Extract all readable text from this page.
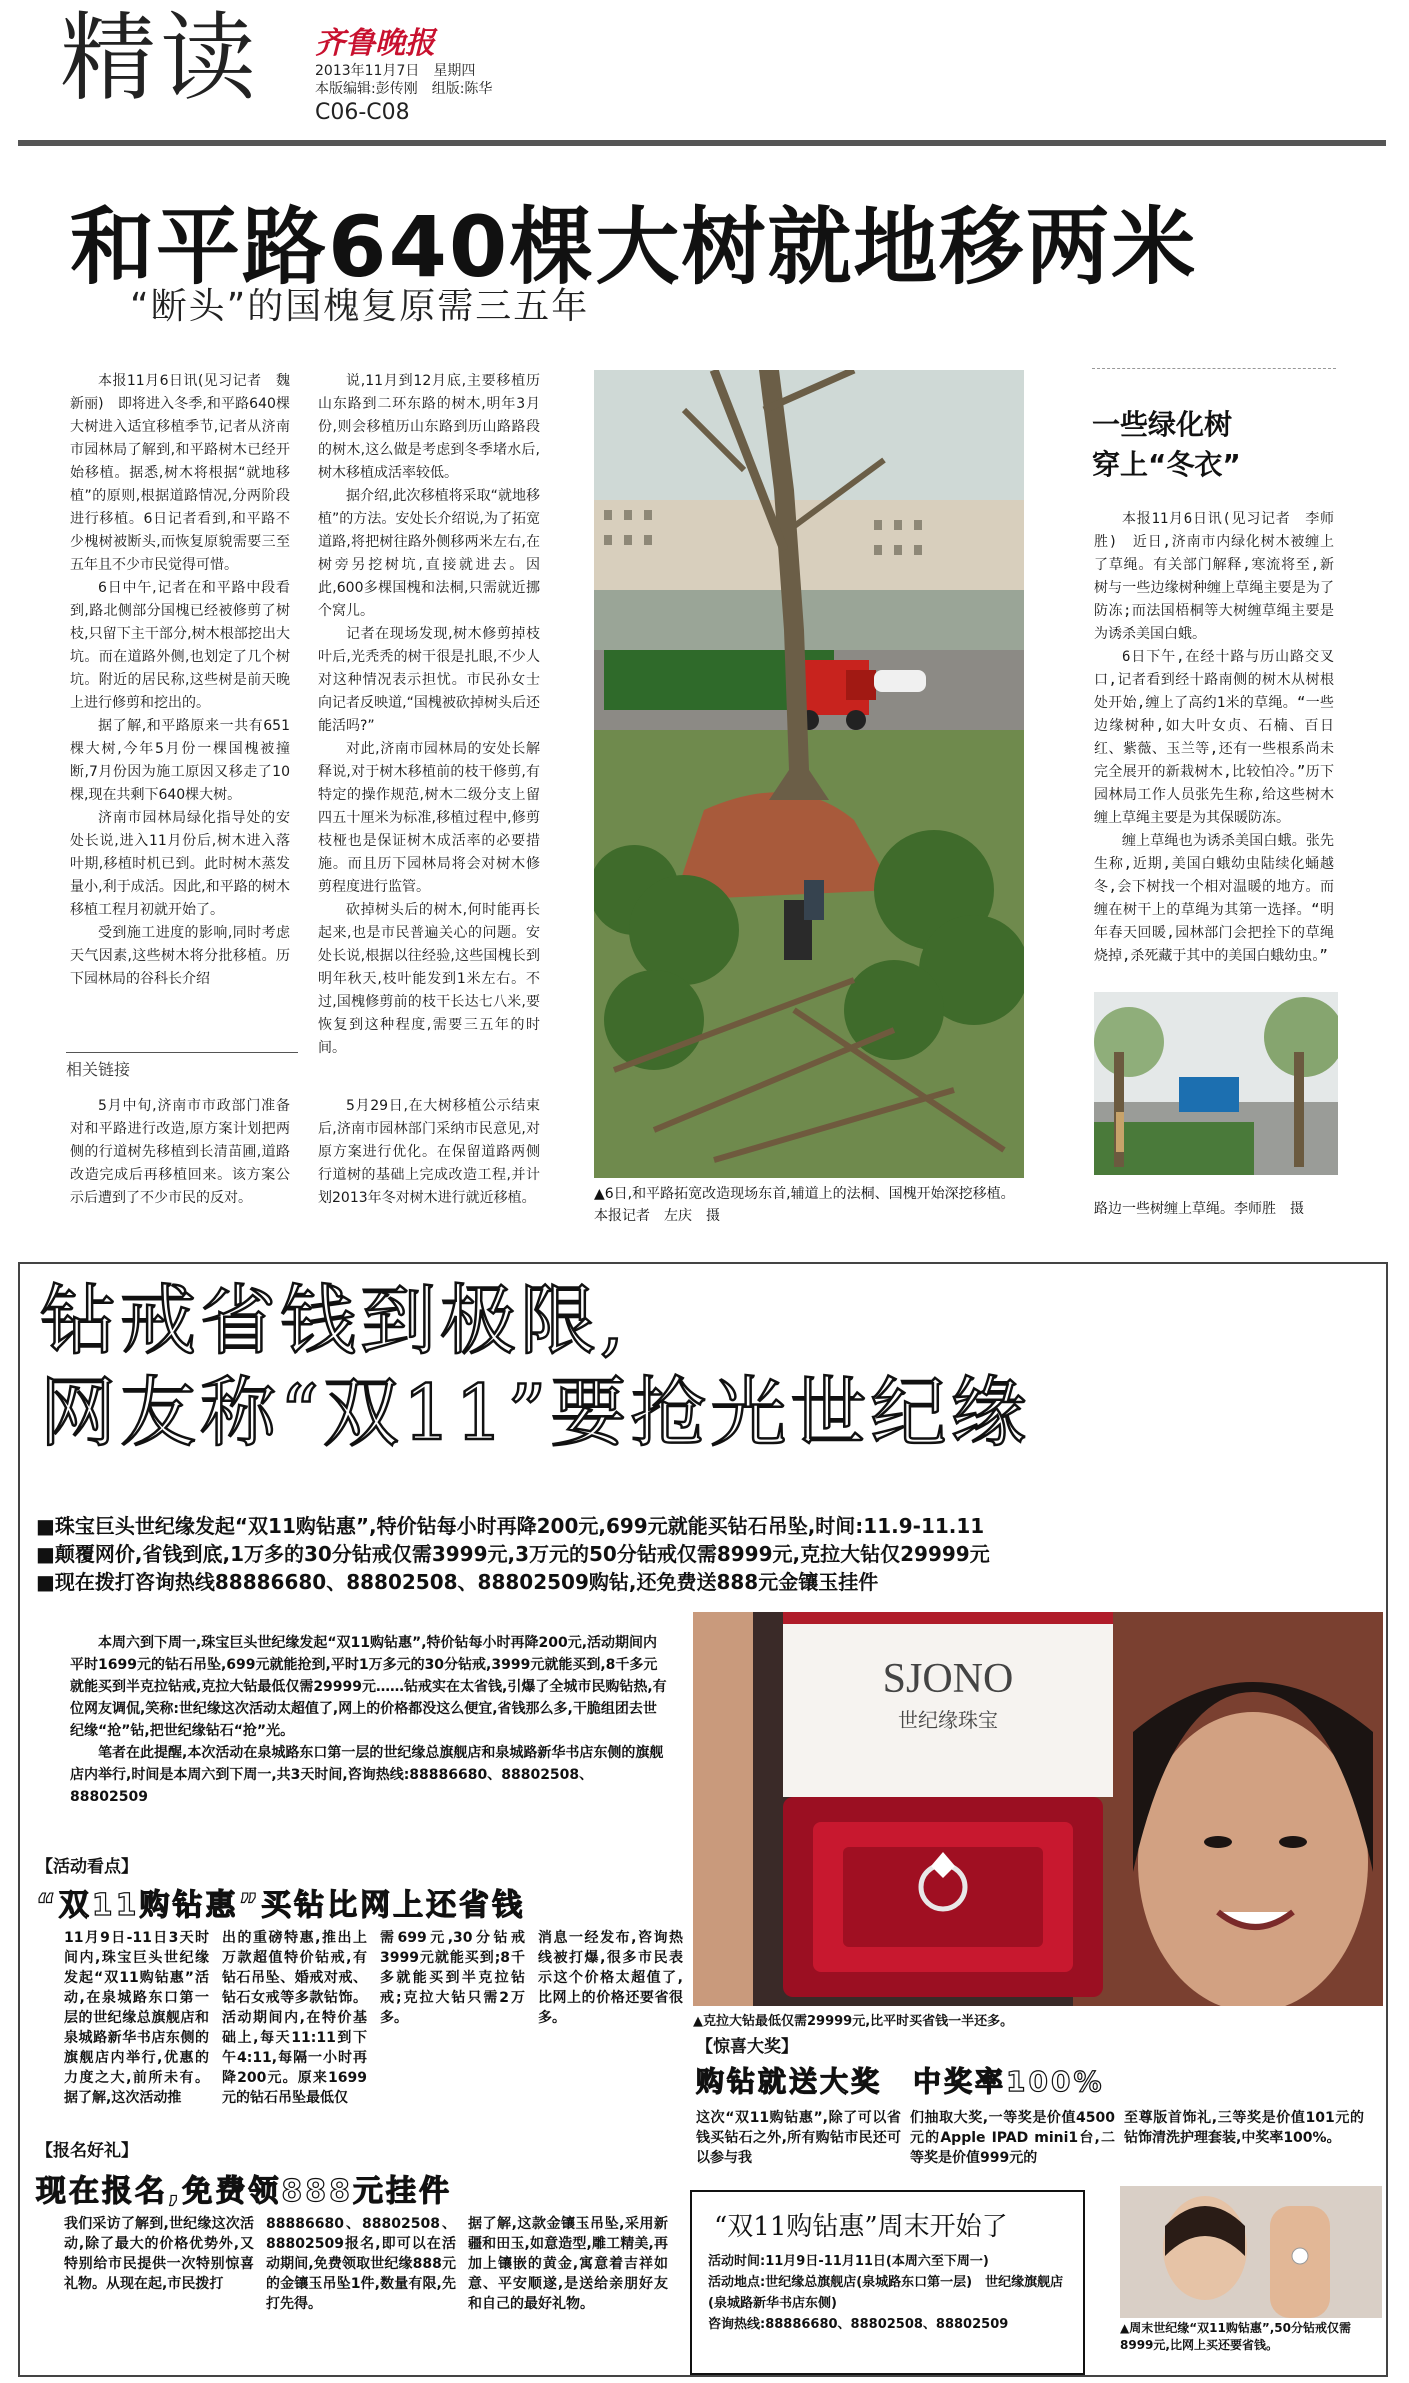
精读 齐鲁晚报
2013年11月7日　星期四
本版编辑:彭传刚　组版:陈华
C06-C08
和平路640棵大树就地移两米
“断头”的国槐复原需三五年

本报11月6日讯(见习记者　魏新丽)　即将进入冬季,和平路640棵大树进入适宜移植季节,记者从济南市园林局了解到,和平路树木已经开始移植。据悉,树木将根据“就地移植”的原则,根据道路情况,分两阶段进行移植。6日记者看到,和平路不少槐树被断头,而恢复原貌需要三至五年且不少市民觉得可惜。

6日中午,记者在和平路中段看到,路北侧部分国槐已经被修剪了树枝,只留下主干部分,树木根部挖出大坑。而在道路外侧,也划定了几个树坑。附近的居民称,这些树是前天晚上进行修剪和挖出的。

据了解,和平路原来一共有651棵大树,今年5月份一棵国槐被撞断,7月份因为施工原因又移走了10棵,现在共剩下640棵大树。

济南市园林局绿化指导处的安处长说,进入11月份后,树木进入落叶期,移植时机已到。此时树木蒸发量小,利于成活。因此,和平路的树木移植工程月初就开始了。

受到施工进度的影响,同时考虑天气因素,这些树木将分批移植。历下园林局的谷科长介绍

说,11月到12月底,主要移植历山东路到二环东路的树木,明年3月份,则会移植历山东路到历山路路段的树木,这么做是考虑到冬季堵水后,树木移植成活率较低。

据介绍,此次移植将采取“就地移植”的方法。安处长介绍说,为了拓宽道路,将把树往路外侧移两米左右,在树旁另挖树坑,直接就进去。因此,600多棵国槐和法桐,只需就近挪个窝儿。

记者在现场发现,树木修剪掉枝叶后,光秃秃的树干很是扎眼,不少人对这种情况表示担忧。市民孙女士向记者反映道,“国槐被砍掉树头后还能活吗?”

对此,济南市园林局的安处长解释说,对于树木移植前的枝干修剪,有特定的操作规范,树木二级分支上留四五十厘米为标准,移植过程中,修剪枝桠也是保证树木成活率的必要措施。而且历下园林局将会对树木修剪程度进行监管。

砍掉树头后的树木,何时能再长起来,也是市民普遍关心的问题。安处长说,根据以往经验,这些国槐长到明年秋天,枝叶能发到1米左右。不过,国槐修剪前的枝干长达七八米,要恢复到这种程度,需要三五年的时间。

相关链接

5月中旬,济南市市政部门准备对和平路进行改造,原方案计划把两侧的行道树先移植到长清苗圃,道路改造完成后再移植回来。该方案公示后遭到了不少市民的反对。

5月29日,在大树移植公示结束后,济南市园林部门采纳市民意见,对原方案进行优化。在保留道路两侧行道树的基础上完成改造工程,并计划2013年冬对树木进行就近移植。	▲6日,和平路拓宽改造现场东首,辅道上的法桐、国槐开始深挖移植。　本报记者　左庆　摄
一些绿化树
穿上“冬衣”

本报11月6日讯(见习记者　李师胜)　近日,济南市内绿化树木被缠上了草绳。有关部门解释,寒流将至,新树与一些边缘树种缠上草绳主要是为了防冻;而法国梧桐等大树缠草绳主要是为诱杀美国白蛾。

6日下午,在经十路与历山路交叉口,记者看到经十路南侧的树木从树根处开始,缠上了高约1米的草绳。“一些边缘树种,如大叶女贞、石楠、百日红、紫薇、玉兰等,还有一些根系尚未完全展开的新栽树木,比较怕冷。”历下园林局工作人员张先生称,给这些树木缠上草绳主要是为其保暖防冻。

缠上草绳也为诱杀美国白蛾。张先生称,近期,美国白蛾幼虫陆续化蛹越冬,会下树找一个相对温暖的地方。而缠在树干上的草绳为其第一选择。“明年春天回暖,园林部门会把拴下的草绳烧掉,杀死藏于其中的美国白蛾幼虫。”

路边一些树缠上草绳。李师胜　摄
钻戒省钱到极限,
网友称“双11”要抢光世纪缘
■珠宝巨头世纪缘发起“双11购钻惠”,特价钻每小时再降200元,699元就能买钻石吊坠,时间:11.9-11.11
■颠覆网价,省钱到底,1万多的30分钻戒仅需3999元,3万元的50分钻戒仅需8999元,克拉大钻仅29999元
■现在拨打咨询热线88886680、88802508、88802509购钻,还免费送888元金镶玉挂件

本周六到下周一,珠宝巨头世纪缘发起“双11购钻惠”,特价钻每小时再降200元,活动期间内平时1699元的钻石吊坠,699元就能抢到,平时1万多元的30分钻戒,3999元就能买到,8千多元就能买到半克拉钻戒,克拉大钻最低仅需29999元……钻戒实在太省钱,引爆了全城市民购钻热,有位网友调侃,笑称:世纪缘这次活动太超值了,网上的价格都没这么便宜,省钱那么多,干脆组团去世纪缘“抢”钻,把世纪缘钻石“抢”光。

笔者在此提醒,本次活动在泉城路东口第一层的世纪缘总旗舰店和泉城路新华书店东侧的旗舰店内举行,时间是本周六到下周一,共3天时间,咨询热线:88886680、88802508、88802509

【活动看点】
“双11购钻惠”买钻比网上还省钱
11月9日-11日3天时间内,珠宝巨头世纪缘发起“双11购钻惠”活动,在泉城路东口第一层的世纪缘总旗舰店和泉城路新华书店东侧的旗舰店内举行,优惠的力度之大,前所未有。据了解,这次活动推
出的重磅特惠,推出上万款超值特价钻戒,有钻石吊坠、婚戒对戒、钻石女戒等多款钻饰。活动期间内,在特价基础上,每天11:11到下午4:11,每隔一小时再降200元。原来1699元的钻石吊坠最低仅
需699元,30分钻戒3999元就能买到;8千多就能买到半克拉钻戒;克拉大钻只需2万多。
消息一经发布,咨询热线被打爆,很多市民表示这个价格太超值了,比网上的价格还要省很多。
【报名好礼】
现在报名,免费领888元挂件
我们采访了解到,世纪缘这次活动,除了最大的价格优势外,又特别给市民提供一次特别惊喜礼物。从现在起,市民拨打
88886680、88802508、88802509报名,即可以在活动期间,免费领取世纪缘888元的金镶玉吊坠1件,数量有限,先打先得。
据了解,这款金镶玉吊坠,采用新疆和田玉,如意造型,雕工精美,再加上镶嵌的黄金,寓意着吉祥如意、平安顺遂,是送给亲朋好友和自己的最好礼物。
SJONO
世纪缘珠宝
▲克拉大钻最低仅需29999元,比平时买省钱一半还多。
【惊喜大奖】
购钻就送大奖　中奖率100%
这次“双11购钻惠”,除了可以省钱买钻石之外,所有购钻市民还可以参与我
们抽取大奖,一等奖是价值4500元的Apple IPAD mini1台,二等奖是价值999元的
至尊版首饰礼,三等奖是价值101元的钻饰清洗护理套装,中奖率100%。
“双11购钻惠”周末开始了
活动时间:11月9日-11月11日(本周六至下周一)
活动地点:世纪缘总旗舰店(泉城路东口第一层)　世纪缘旗舰店(泉城路新华书店东侧)
咨询热线:88886680、88802508、88802509	▲周末世纪缘“双11购钻惠”,50分钻戒仅需8999元,比网上买还要省钱。
